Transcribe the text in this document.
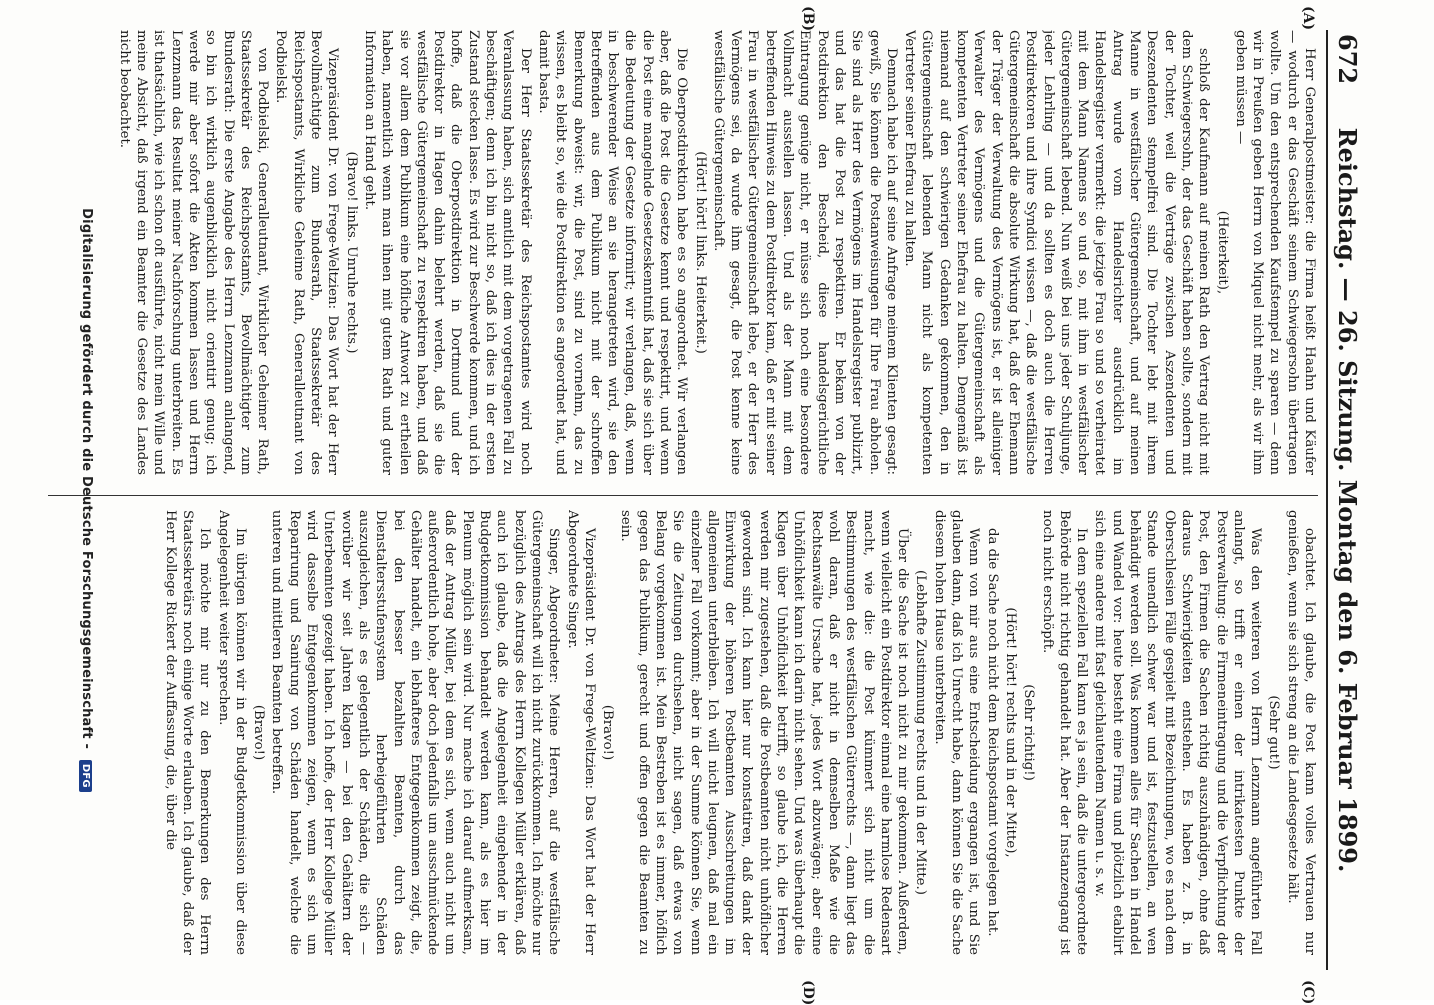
672
Reichstag. — 26. Sitzung. Montag den 6. Februar 1899.
(A)
(B)
(C)
(D)

Herr Generalpostmeister: die Firma heißt Haahn und Käufer — wodurch er das Geschäft seinem Schwiegersohn übertragen wollte. Um den entsprechenden Kaufstempel zu sparen — denn wir in Preußen geben Herrn von Miquel nicht mehr, als wir ihm geben müssen —

(Heiterkeit),

schloß der Kaufmann auf meinen Rath den Vertrag nicht mit dem Schwiegersohn, der das Geschäft haben sollte, sondern mit der Tochter, weil die Verträge zwischen Aszendenten und Deszendenten stempelfrei sind. Die Tochter lebt mit ihrem Manne in westfälischer Gütergemeinschaft, und auf meinen Antrag wurde vom Handelsrichter ausdrücklich im Handelsregister vermerkt: die jetzige Frau so und so verheiratet mit dem Mann Namens so und so, mit ihm in westfälischer Gütergemeinschaft lebend. Nun weiß bei uns jeder Schuljunge, jeder Lehrling — und da sollten es doch auch die Herren Postdirektoren und ihre Syndici wissen —, daß die westfälische Gütergemeinschaft die absolute Wirkung hat, daß der Ehemann der Träger der Verwaltung des Vermögens ist, er ist alleiniger Verwalter des Vermögens und die Gütergemeinschaft als kompetenten Vertreter seiner Ehefrau zu halten. Demgemäß ist niemand auf den schwierigen Gedanken gekommen, den in Gütergemeinschaft lebenden Mann nicht als kompetenten Vertreter seiner Ehefrau zu halten.

Demnach habe ich auf seine Anfrage meinem Klienten gesagt: gewiß, Sie können die Postanweisungen für Ihre Frau abholen. Sie sind als Herr des Vermögens im Handelsregister publizirt, und das hat die Post zu respektiren. Er bekam von der Postdirektion den Bescheid, diese handelsgerichtliche Eintragung genüge nicht, er müsse sich noch eine besondere Vollmacht ausstellen lassen. Und als der Mann mit dem betreffenden Hinweis zu dem Postdirektor kam, daß er mit seiner Frau in westfälischer Gütergemeinschaft lebe, er der Herr des Vermögens sei, da wurde ihm gesagt, die Post kenne keine westfälische Gütergemeinschaft.

(Hört! hört! links. Heiterkeit.)

Die Oberpostdirektion habe es so angeordnet. Wir verlangen aber, daß die Post die Gesetze kennt und respektirt, und wenn die Post eine mangelnde Gesetzeskenntniß hat, daß sie sich über die Bedeutung der Gesetze informirt; wir verlangen, daß, wenn in beschwerender Weise an sie herangetreten wird, sie den Betreffenden aus dem Publikum nicht mit der schroffen Bemerkung abweist: wir, die Post, sind zu vornehm, das zu wissen, es bleibt so, wie die Postdirektion es angeordnet hat, und damit basta.

Der Herr Staatssekretär des Reichspostamtes wird noch Veranlassung haben, sich amtlich mit dem vorgetragenen Fall zu beschäftigen; denn ich bin nicht so, daß ich dies in der ersten Zustand stecken lasse. Es wird zur Beschwerde kommen, und ich hoffe, daß die Oberpostdirektion in Dortmund und der Postdirektor in Hagen dahin belehrt werden, daß sie die westfälische Gütergemeinschaft zu respektiren haben, und daß sie vor allem dem Publikum eine höfliche Antwort zu ertheilen haben, namentlich wenn man ihnen mit gutem Rath und guter Information an Hand geht.

(Bravo! links. Unruhe rechts.)

Vizepräsident Dr. von Frege-Weltzien: Das Wort hat der Herr Bevollmächtigte zum Bundesrath, Staatssekretär des Reichspostamts, Wirkliche Geheime Rath, Generalleutnant von Podbielski.

von Podbielski, Generalleutnant, Wirklicher Geheimer Rath, Staatssekretär des Reichspostamts, Bevollmächtigter zum Bundesrath: Die erste Angabe des Herrn Lenzmann anlangend, so bin ich wirklich augenblicklich nicht orientirt genug; ich werde mir aber sofort die Akten kommen lassen und Herrn Lenzmann das Resultat meiner Nachforschung unterbreiten. Es ist thatsächlich, wie ich schon oft ausführte, nicht mein Wille und meine Absicht, daß irgend ein Beamter die Gesetze des Landes nicht beobachtet.

obachtet. Ich glaube, die Post kann volles Vertrauen nur genießen, wenn sie sich streng an die Landesgesetze hält.

(Sehr gut!)

Was den weiteren von Herrn Lenzmann angeführten Fall anlangt, so trifft er einen der intrikatesten Punkte der Postverwaltung: die Firmeneintragung und die Verpflichtung der Post, den Firmen die Sachen richtig auszuhändigen, ohne daß daraus Schwierigkeiten entstehen. Es haben z. B. in Oberschlesien Fälle gespielt mit Bezeichnungen, wo es nach dem Stande unendlich schwer war und ist, festzustellen, an wen behändigt werden soll. Was kommen alles für Sachen in Handel und Wandel vor: heute besteht eine Firma und plötzlich etablirt sich eine andere mit fast gleichlautendem Namen u. s. w.

In dem speziellen Fall kann es ja sein, daß die untergeordnete Behörde nicht richtig gehandelt hat. Aber der Instanzengang ist noch nicht erschöpft.

(Sehr richtig!)

(Hört! hört! rechts und in der Mitte),

da die Sache noch nicht dem Reichspostamt vorgelegen hat.

Wenn von mir aus eine Entscheidung ergangen ist, und Sie glauben dann, daß ich Unrecht habe, dann können Sie die Sache diesem hohen Hause unterbreiten.

(Lebhafte Zustimmung rechts und in der Mitte.)

Über die Sache ist noch nicht zu mir gekommen. Außerdem, wenn vielleicht ein Postdirektor einmal eine harmlose Redensart macht, wie die: die Post kümmert sich nicht um die Bestimmungen des westfälischen Güterrechts —, dann liegt das wohl daran, daß er nicht in demselben Maße wie die Rechtsanwälte Ursache hat, jedes Wort abzuwägen; aber eine Unhöflichkeit kann ich darin nicht sehen. Und was überhaupt die Klagen über Unhöflichkeit betrifft, so glaube ich, die Herren werden mir zugestehen, daß die Postbeamten nicht unhöflicher geworden sind. Ich kann hier nur konstatiren, daß dank der Einwirkung der höheren Postbeamten Ausschreitungen im allgemeinen unterbleiben. Ich will nicht leugnen, daß mal ein einzelner Fall vorkommt; aber in der Summe können Sie, wenn Sie die Zeitungen durchsehen, nicht sagen, daß etwas von Belang vorgekommen ist. Mein Bestreben ist es immer, höflich gegen das Publikum, gerecht und offen gegen die Beamten zu sein.

(Bravo!)

Vizepräsident Dr. von Frege-Weltzien: Das Wort hat der Herr Abgeordnete Singer.

Singer, Abgeordneter: Meine Herren, auf die westfälische Gütergemeinschaft will ich nicht zurückkommen. Ich möchte nur bezüglich des Antrags des Herrn Kollegen Müller erklären, daß auch ich glaube, daß die Angelegenheit eingehender in der Budgetkommission behandelt werden kann, als es hier im Plenum möglich sein wird. Nur mache ich darauf aufmerksam, daß der Antrag Müller, bei dem es sich, wenn auch nicht um außerordentlich hohe, aber doch jedenfalls um ausschmückende Gehälter handelt, ein lebhafteres Entgegenkommen zeigt, die, bei den besser bezahlten Beamten, durch das Dienstaltersstufensystem herbeigeführten Schäden auszugleichen, als es gelegentlich der Schäden, die sich — worüber wir seit Jahren klagen — bei den Gehältern der Unterbeamten gezeigt haben. Ich hoffe, der Herr Kollege Müller wird dasselbe Entgegenkommen zeigen, wenn es sich um Reparirung und Sanirung von Schäden handelt, welche die unteren und mittleren Beamten betreffen.

(Bravo!)

Im übrigen können wir in der Budgetkommission über diese Angelegenheit weiter sprechen.

Ich möchte mir nur zu den Bemerkungen des Herrn Staatssekretärs noch einige Worte erlauben. Ich glaube, daß der Herr Kollege Rickert der Auffassung, die, über die

Digitalisierung gefördert durch die Deutsche Forschungsgemeinschaft - DFG
